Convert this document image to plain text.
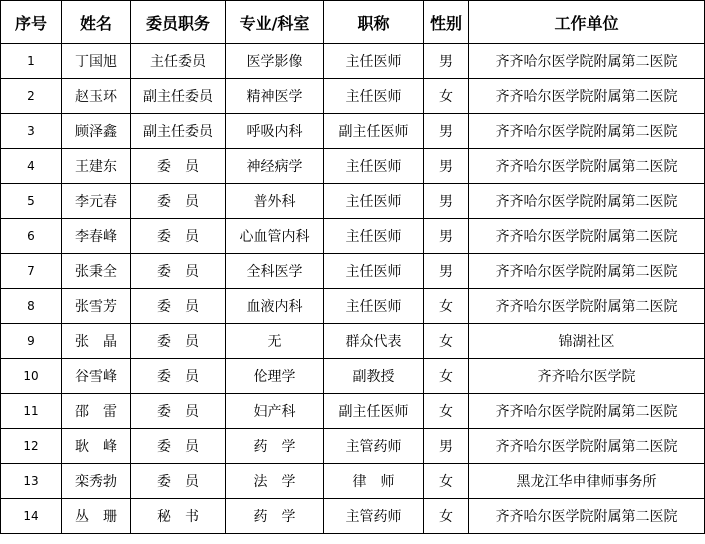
序号	姓名	委员职务	专业/科室	职称	性别	工作单位
1	丁国旭	主任委员	医学影像	主任医师	男	齐齐哈尔医学院附属第二医院
2	赵玉环	副主任委员	精神医学	主任医师	女	齐齐哈尔医学院附属第二医院
3	顾泽鑫	副主任委员	呼吸内科	副主任医师	男	齐齐哈尔医学院附属第二医院
4	王建东	委　员	神经病学	主任医师	男	齐齐哈尔医学院附属第二医院
5	李元春	委　员	普外科	主任医师	男	齐齐哈尔医学院附属第二医院
6	李春峰	委　员	心血管内科	主任医师	男	齐齐哈尔医学院附属第二医院
7	张秉全	委　员	全科医学	主任医师	男	齐齐哈尔医学院附属第二医院
8	张雪芳	委　员	血液内科	主任医师	女	齐齐哈尔医学院附属第二医院
9	张　晶	委　员	无	群众代表	女	锦湖社区
10	谷雪峰	委　员	伦理学	副教授	女	齐齐哈尔医学院
11	邵　雷	委　员	妇产科	副主任医师	女	齐齐哈尔医学院附属第二医院
12	耿　峰	委　员	药　学	主管药师	男	齐齐哈尔医学院附属第二医院
13	栾秀勃	委　员	法　学	律　师	女	黑龙江华申律师事务所
14	丛　珊	秘　书	药　学	主管药师	女	齐齐哈尔医学院附属第二医院
